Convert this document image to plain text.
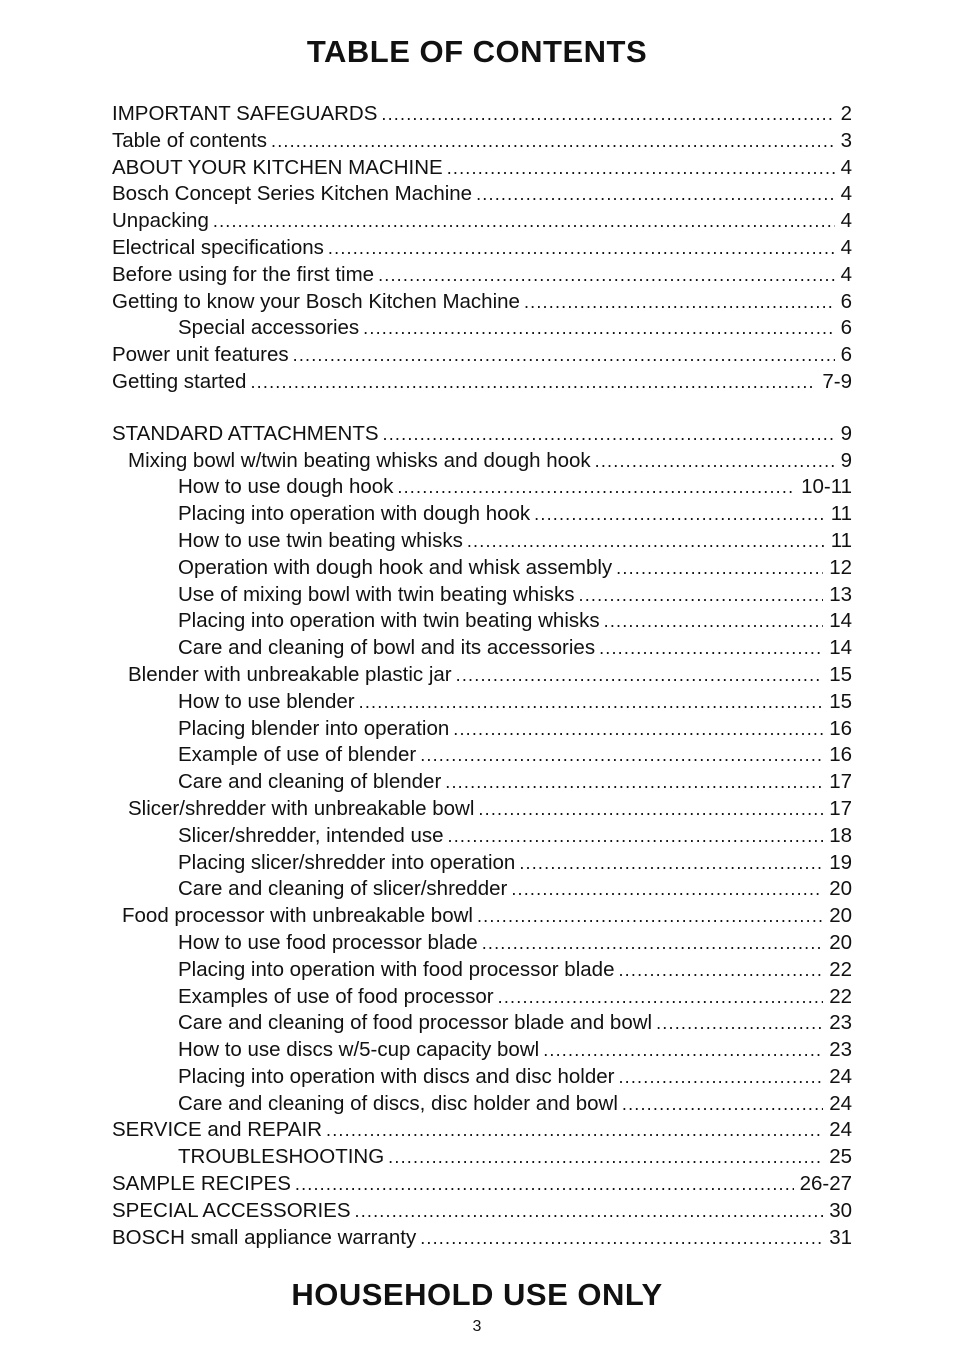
TABLE OF CONTENTS
IMPORTANT SAFEGUARDS .....	2
Table of contents .....	3
ABOUT YOUR KITCHEN MACHINE .....	4
Bosch Concept Series Kitchen Machine .....	4
Unpacking .....	4
Electrical specifications .....	4
Before using for the first time .....	4
Getting to know your Bosch Kitchen Machine .....	6
Special accessories .....	6
Power unit features .....	6
Getting started .....	7-9
STANDARD ATTACHMENTS .....	9
Mixing bowl w/twin beating whisks and dough hook .....	9
How to use dough hook .....	10-11
Placing into operation with dough hook .....	11
How to use twin beating whisks .....	11
Operation with dough hook and whisk assembly .....	12
Use of mixing bowl with twin beating whisks .....	13
Placing into operation with twin beating whisks .....	14
Care and cleaning of bowl and its accessories .....	14
Blender with unbreakable plastic jar .....	15
How to use blender .....	15
Placing blender into operation .....	16
Example of use of blender .....	16
Care and cleaning of blender .....	17
Slicer/shredder with unbreakable bowl .....	17
Slicer/shredder, intended use .....	18
Placing slicer/shredder into operation .....	19
Care and cleaning of slicer/shredder .....	20
Food processor with unbreakable bowl .....	20
How to use food processor blade .....	20
Placing into operation with food processor blade .....	22
Examples of use of food processor .....	22
Care and cleaning of food processor blade and bowl .....	23
How to use discs w/5-cup capacity bowl .....	23
Placing into operation with discs and disc holder .....	24
Care and cleaning of discs, disc holder and bowl .....	24
SERVICE and REPAIR .....	24
TROUBLESHOOTING .....	25
SAMPLE RECIPES .....	26-27
SPECIAL ACCESSORIES .....	30
BOSCH small appliance warranty .....	31
HOUSEHOLD USE ONLY
3
